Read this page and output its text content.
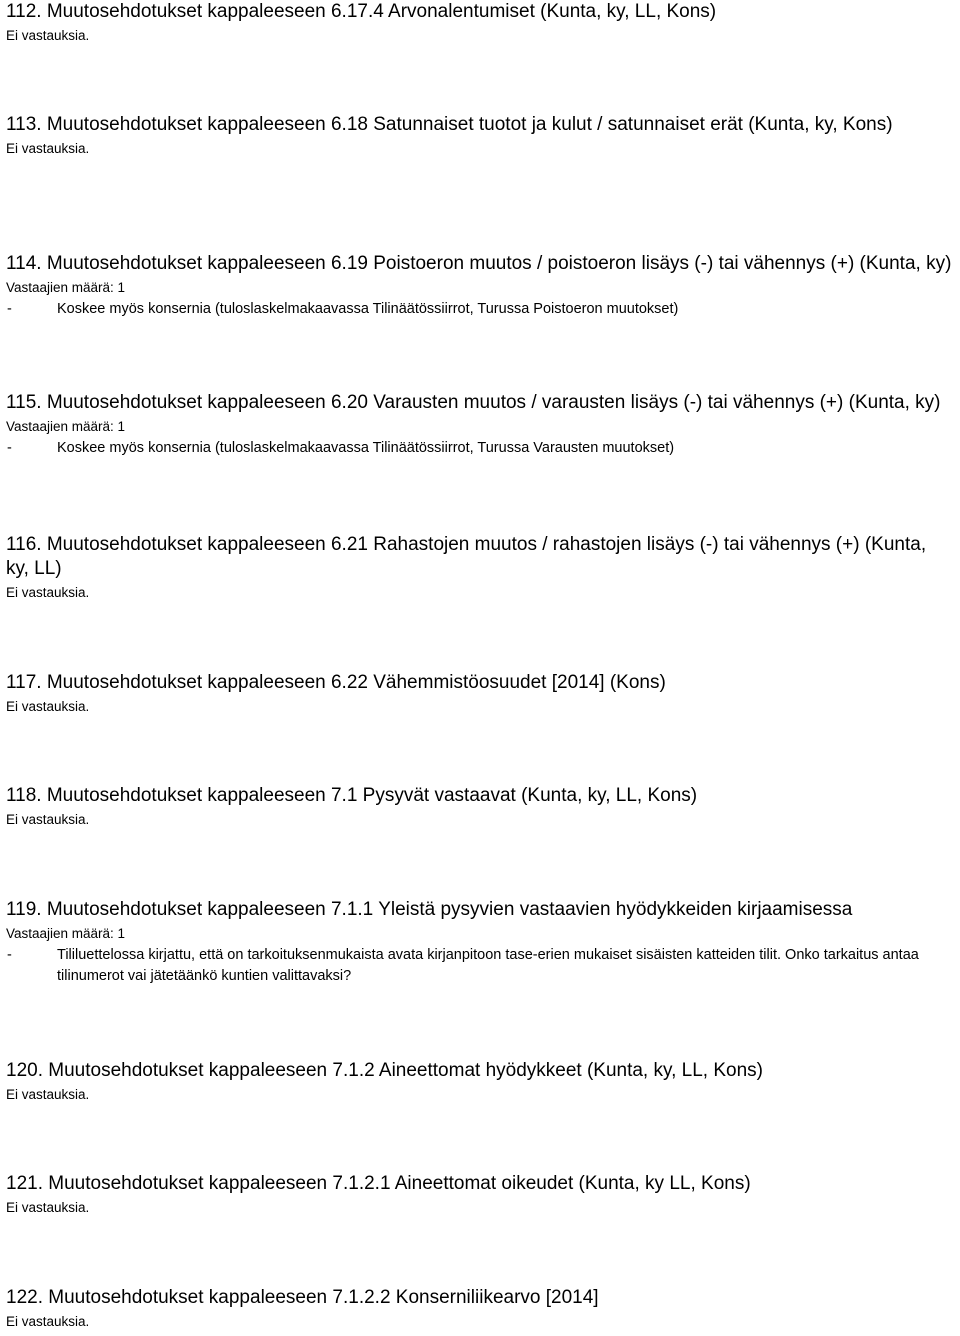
112. Muutosehdotukset kappaleeseen 6.17.4 Arvonalentumiset (Kunta, ky, LL, Kons)
Ei vastauksia.
113. Muutosehdotukset kappaleeseen 6.18 Satunnaiset tuotot ja kulut / satunnaiset erät (Kunta, ky, Kons)
Ei vastauksia.
114. Muutosehdotukset kappaleeseen 6.19 Poistoeron muutos / poistoeron lisäys (-) tai vähennys (+) (Kunta, ky)
Vastaajien määrä: 1
-	Koskee myös konsernia (tuloslaskelmakaavassa Tilinäätössiirrot, Turussa Poistoeron muutokset)
115. Muutosehdotukset kappaleeseen 6.20 Varausten muutos / varausten lisäys (-) tai vähennys (+) (Kunta, ky)
Vastaajien määrä: 1
-	Koskee myös konsernia (tuloslaskelmakaavassa Tilinäätössiirrot, Turussa Varausten muutokset)
116. Muutosehdotukset kappaleeseen 6.21 Rahastojen muutos / rahastojen lisäys (-) tai vähennys (+) (Kunta, ky, LL)
Ei vastauksia.
117. Muutosehdotukset kappaleeseen 6.22 Vähemmistöosuudet [2014] (Kons)
Ei vastauksia.
118. Muutosehdotukset kappaleeseen 7.1 Pysyvät vastaavat (Kunta, ky, LL, Kons)
Ei vastauksia.
119. Muutosehdotukset kappaleeseen 7.1.1 Yleistä pysyvien vastaavien hyödykkeiden kirjaamisessa
Vastaajien määrä: 1
-	Tililuettelossa kirjattu, että on tarkoituksenmukaista avata kirjanpitoon tase-erien mukaiset sisäisten katteiden tilit. Onko tarkaitus antaa tilinumerot vai jätetäänkö kuntien valittavaksi?
120. Muutosehdotukset kappaleeseen 7.1.2 Aineettomat hyödykkeet (Kunta, ky, LL, Kons)
Ei vastauksia.
121. Muutosehdotukset kappaleeseen 7.1.2.1 Aineettomat oikeudet (Kunta, ky LL, Kons)
Ei vastauksia.
122. Muutosehdotukset kappaleeseen 7.1.2.2 Konserniliikearvo [2014]
Ei vastauksia.
